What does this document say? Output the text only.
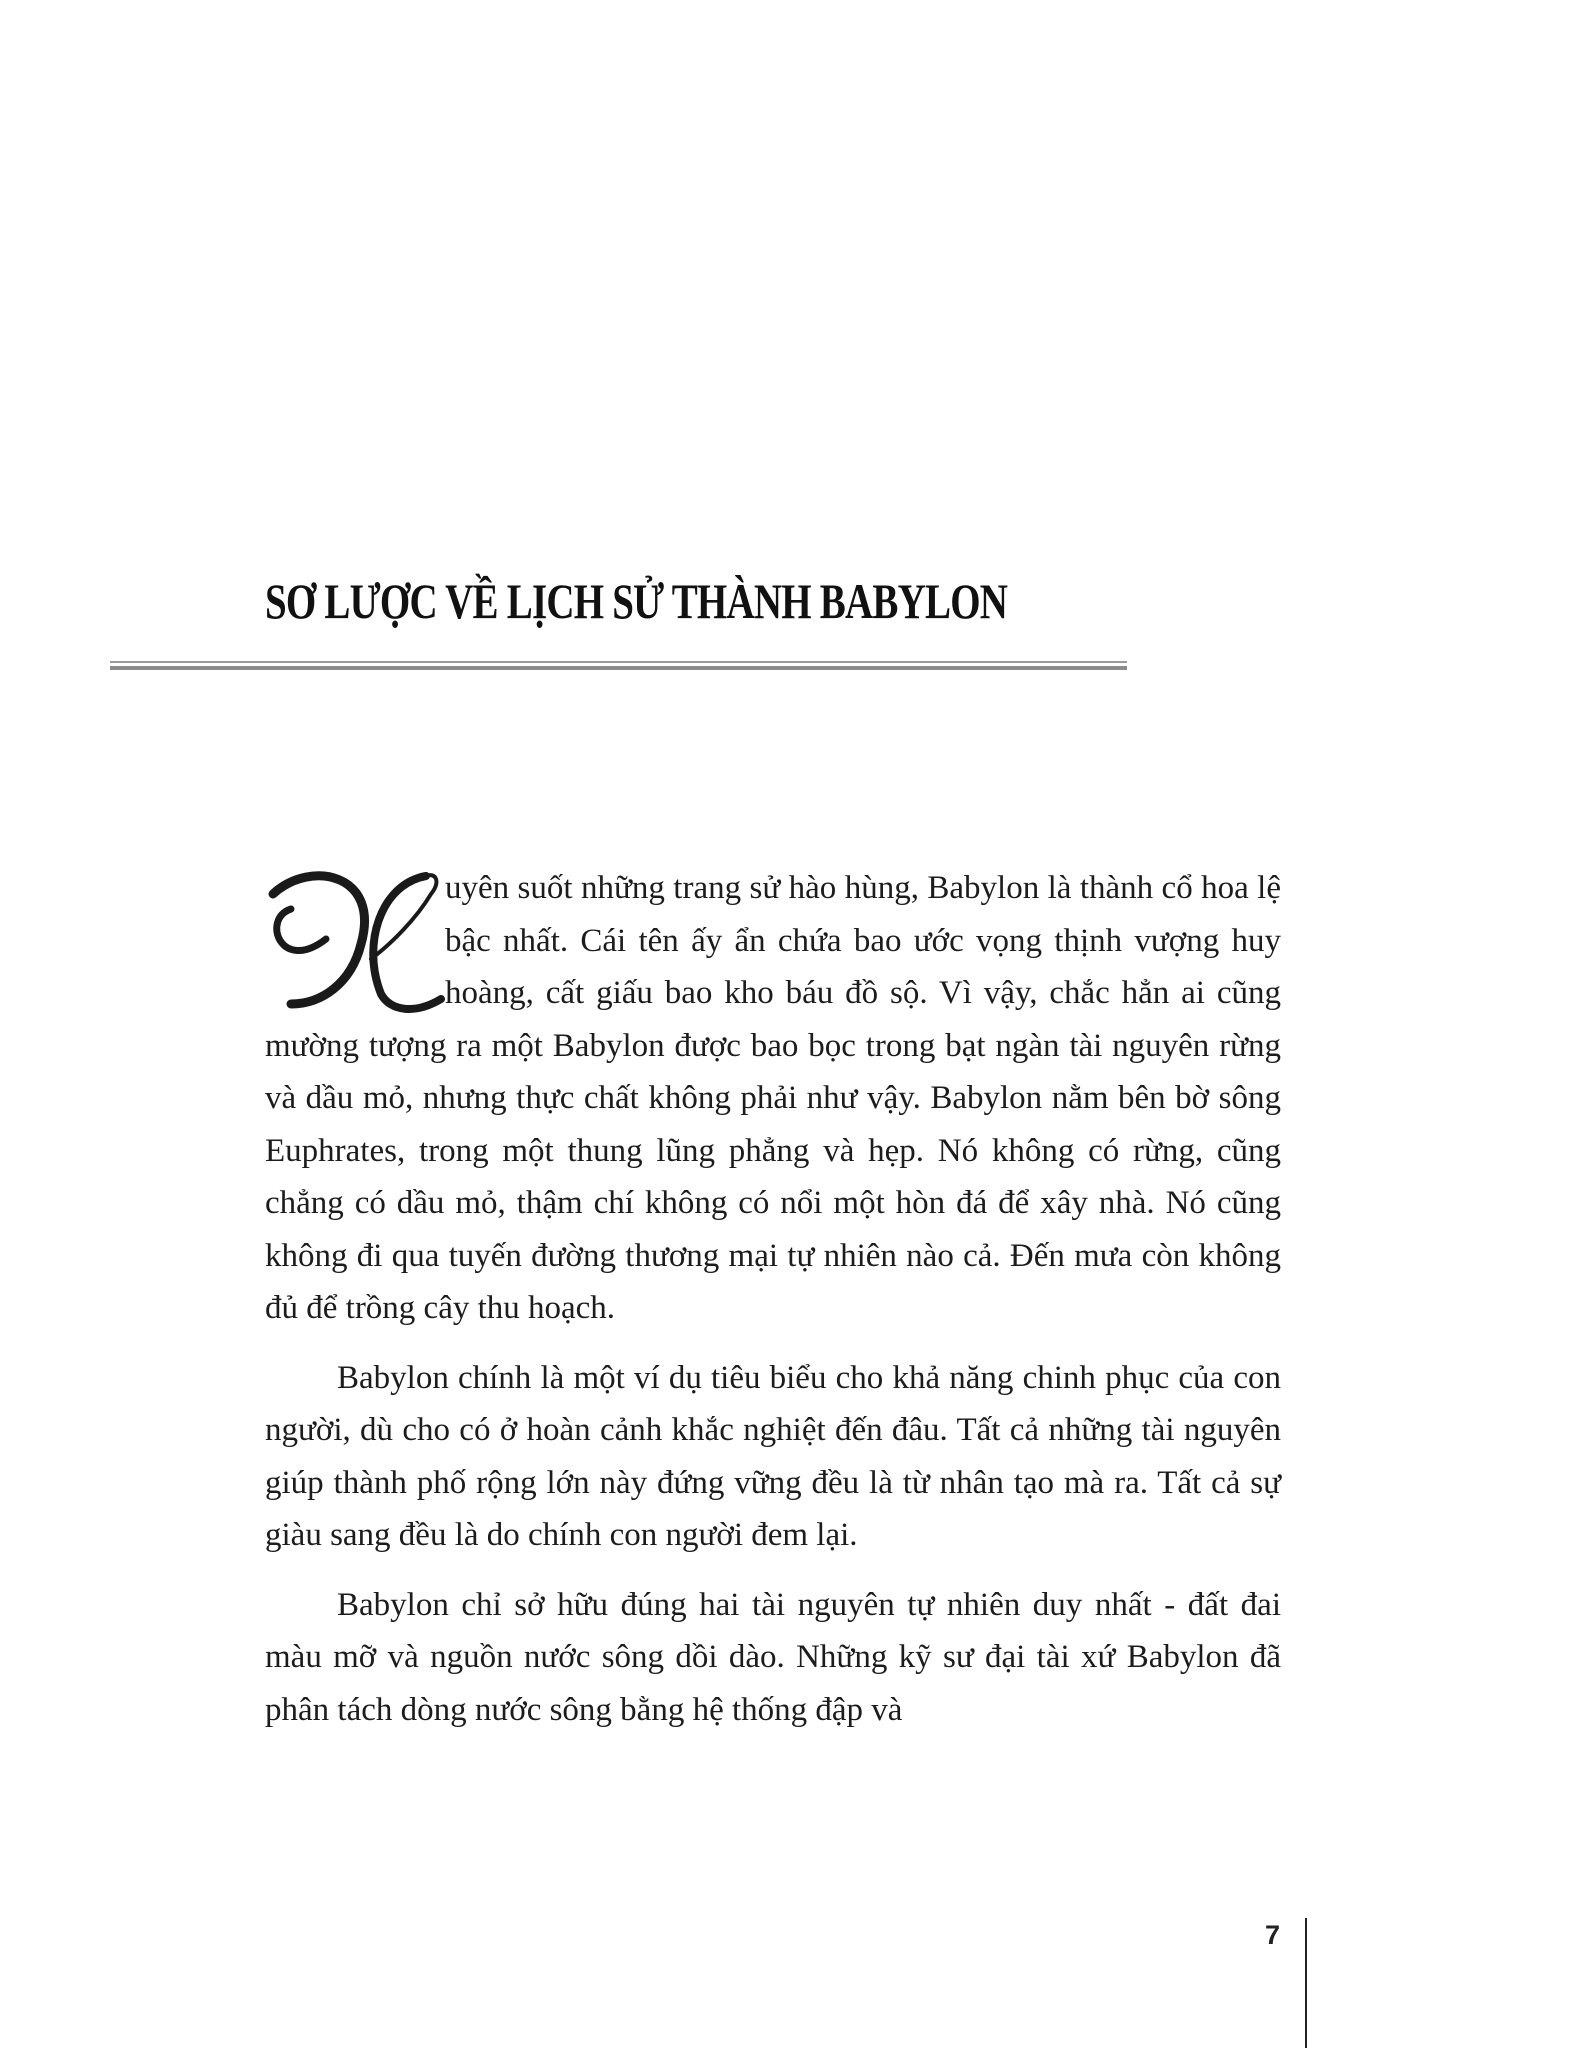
SƠ LƯỢC VỀ LỊCH SỬ THÀNH BABYLON

uyên suốt những trang sử hào hùng, Babylon là thành cổ hoa lệ bậc nhất. Cái tên ấy ẩn chứa bao ước vọng thịnh vượng huy hoàng, cất giấu bao kho báu đồ sộ. Vì vậy, chắc hẳn ai cũng mường tượng ra một Babylon được bao bọc trong bạt ngàn tài nguyên rừng và dầu mỏ, nhưng thực chất không phải như vậy. Babylon nằm bên bờ sông Euphrates, trong một thung lũng phẳng và hẹp. Nó không có rừng, cũng chẳng có dầu mỏ, thậm chí không có nổi một hòn đá để xây nhà. Nó cũng không đi qua tuyến đường thương mại tự nhiên nào cả. Đến mưa còn không đủ để trồng cây thu hoạch.

Babylon chính là một ví dụ tiêu biểu cho khả năng chinh phục của con người, dù cho có ở hoàn cảnh khắc nghiệt đến đâu. Tất cả những tài nguyên giúp thành phố rộng lớn này đứng vững đều là từ nhân tạo mà ra. Tất cả sự giàu sang đều là do chính con người đem lại.

Babylon chỉ sở hữu đúng hai tài nguyên tự nhiên duy nhất - đất đai màu mỡ và nguồn nước sông dồi dào. Những kỹ sư đại tài xứ Babylon đã phân tách dòng nước sông bằng hệ thống đập và

7
